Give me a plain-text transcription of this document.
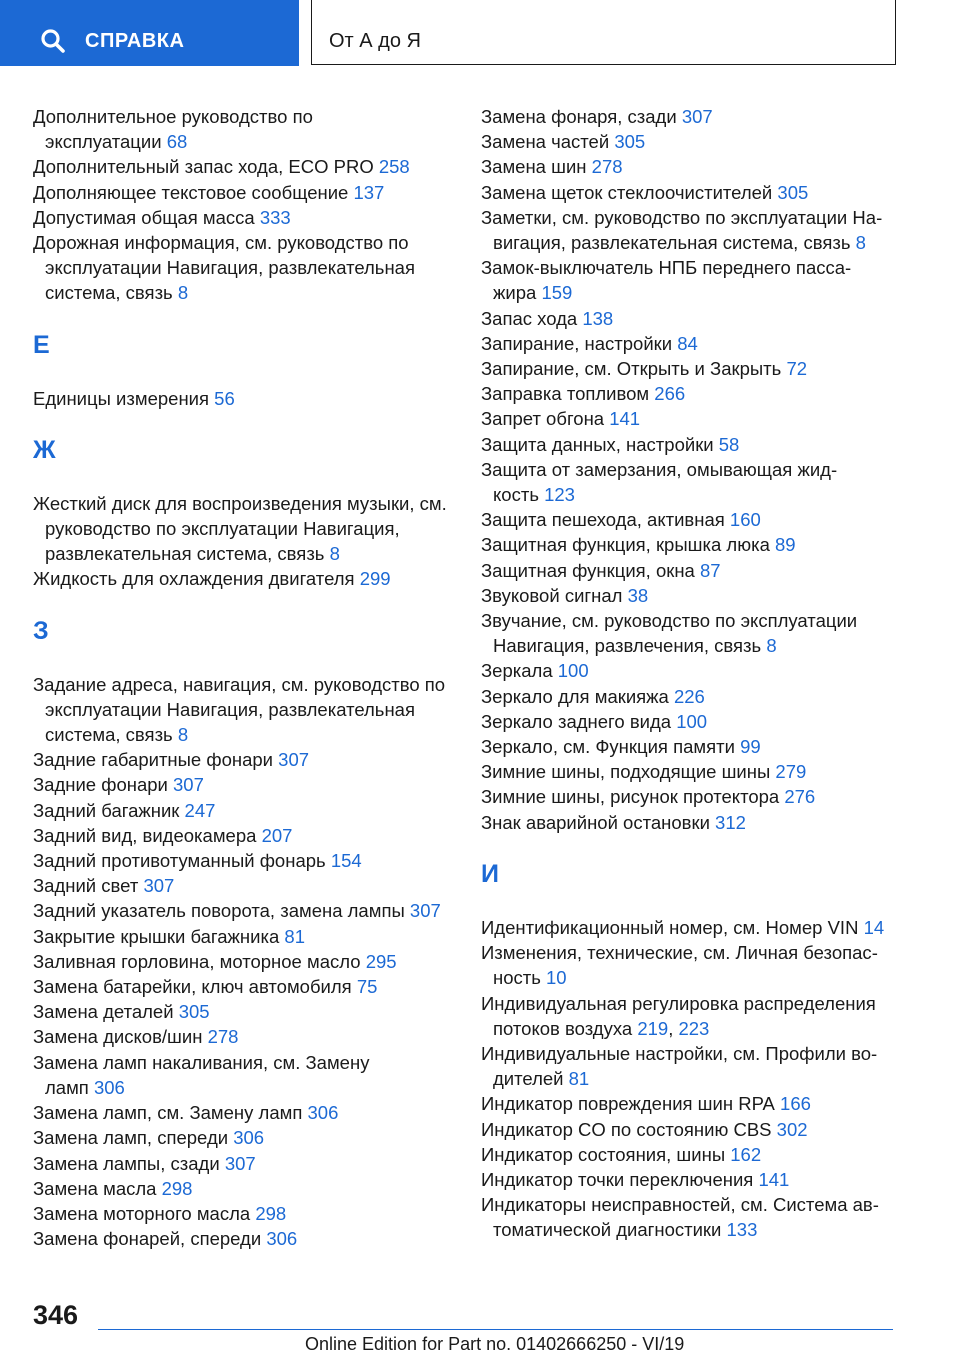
СПРАВКА	От А до Я

Дополнительное руководство по эксплуатации 68

Дополнительный запас хода, ECO PRO 258

Дополняющее текстовое сообщение 137

Допустимая общая масса 333

Дорожная информация, см. руководство по эксплуатации Навигация, развлекательная система, связь 8

Е

Единицы измерения 56

Ж

Жесткий диск для воспроизведения музыки, см. руководство по эксплуатации Навигация, развлекательная система, связь 8

Жидкость для охлаждения двигателя 299

З

Задание адреса, навигация, см. руководство по эксплуатации Навигация, развлекательная система, связь 8

Задние габаритные фонари 307

Задние фонари 307

Задний багажник 247

Задний вид, видеокамера 207

Задний противотуманный фонарь 154

Задний свет 307

Задний указатель поворота, замена лампы 307

Закрытие крышки багажника 81

Заливная горловина, моторное масло 295

Замена батарейки, ключ автомобиля 75

Замена деталей 305

Замена дисков/шин 278

Замена ламп накаливания, см. Замену ламп 306

Замена ламп, см. Замену ламп 306

Замена ламп, спереди 306

Замена лампы, сзади 307

Замена масла 298

Замена моторного масла 298

Замена фонарей, спереди 306

Замена фонаря, сзади 307

Замена частей 305

Замена шин 278

Замена щеток стеклоочистителей 305

Заметки, см. руководство по эксплуатации Навигация, развлекательная система, связь 8

Замок-выключатель НПБ переднего пассажира 159

Запас хода 138

Запирание, настройки 84

Запирание, см. Открыть и Закрыть 72

Заправка топливом 266

Запрет обгона 141

Защита данных, настройки 58

Защита от замерзания, омывающая жидкость 123

Защита пешехода, активная 160

Защитная функция, крышка люка 89

Защитная функция, окна 87

Звуковой сигнал 38

Звучание, см. руководство по эксплуатации Навигация, развлечения, связь 8

Зеркала 100

Зеркало для макияжа 226

Зеркало заднего вида 100

Зеркало, см. Функция памяти 99

Зимние шины, подходящие шины 279

Зимние шины, рисунок протектора 276

Знак аварийной остановки 312

И

Идентификационный номер, см. Номер VIN 14

Изменения, технические, см. Личная безопасность 10

Индивидуальная регулировка распределения потоков воздуха 219, 223

Индивидуальные настройки, см. Профили водителей 81

Индикатор повреждения шин RPA 166

Индикатор CO по состоянию CBS 302

Индикатор состояния, шины 162

Индикатор точки переключения 141

Индикаторы неисправностей, см. Система автоматической диагностики 133

346
Online Edition for Part no. 01402666250 - VI/19
